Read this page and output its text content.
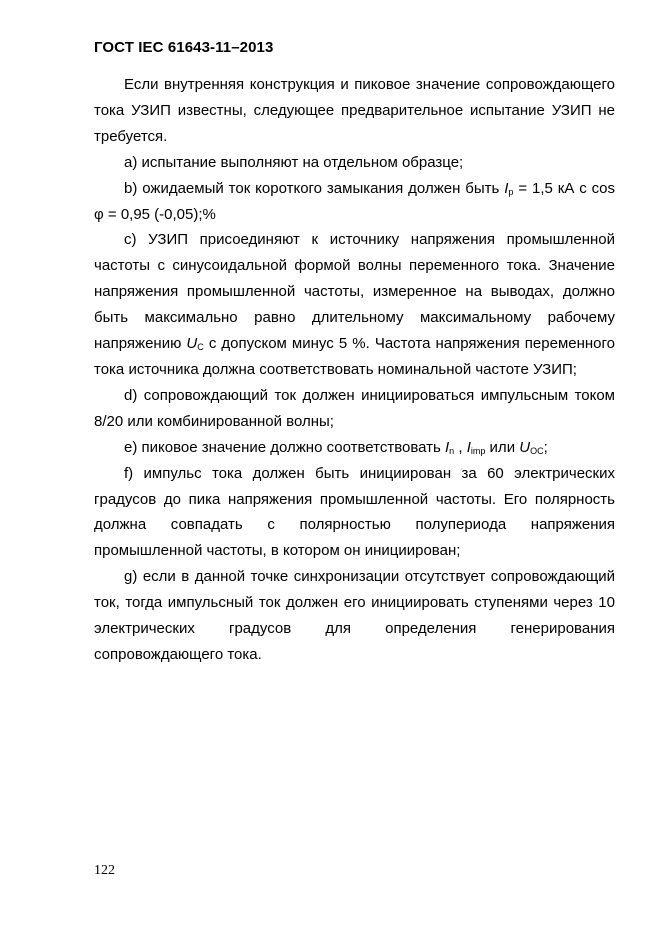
ГОСТ IEC 61643-11–2013

Если внутренняя конструкция и пиковое значение сопровождающего тока УЗИП известны, следующее предварительное испытание УЗИП не требуется.

а) испытание выполняют на отдельном образце;

b) ожидаемый ток короткого замыкания должен быть $I_p = 1,5$ кА с cos φ = 0,95 (-0,05);%

c) УЗИП присоединяют к источнику напряжения промышленной частоты с синусоидальной формой волны переменного тока. Значение напряжения промышленной частоты, измеренное на выводах, должно быть максимально равно длительному максимальному рабочему напряжению $U_C$ с допуском минус 5 %. Частота напряжения переменного тока источника должна соответствовать номинальной частоте УЗИП;

d) сопровождающий ток должен инициироваться импульсным током 8/20 или комбинированной волны;

e) пиковое значение должно соответствовать $I_n$ , $I_{imp}$ или $U_{OC}$;

f) импульс тока должен быть инициирован за 60 электрических градусов до пика напряжения промышленной частоты. Его полярность должна совпадать с полярностью полупериода напряжения промышленной частоты, в котором он инициирован;

g) если в данной точке синхронизации отсутствует сопровождающий ток, тогда импульсный ток должен его инициировать ступенями через 10 электрических градусов для определения генерирования сопровождающего тока.

122
